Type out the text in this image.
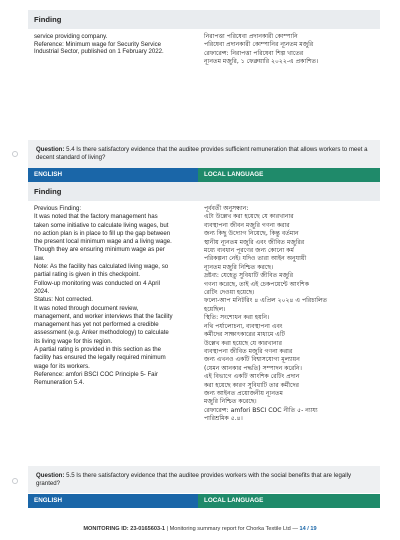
Finding
service providing company.
Reference: Minimum wage for Security Service
Industrial Sector, published on 1 February 2022.
নিরাপত্তা পরিষেবা প্রদানকারী কোম্পানি
পরিষেবা প্রদানকারী কোম্পানির ন্যূনতম মজুরি
রেফারেন্স: নিরাপত্তা পরিষেবা শিল্প খাতের
ন্যূনতম মজুরি, ১ ফেব্রুয়ারি ২০২২-এ প্রকাশিত।
Question: 5.4 Is there satisfactory evidence that the auditee provides sufficient remuneration that allows workers to meet a decent standard of living?
ENGLISH	LOCAL LANGUAGE
Finding
Previous Finding:
It was noted that the factory management has
taken some initiative to calculate living wages, but
no action plan is in place to fill up the gap between
the present local minimum wage and a living wage.
Though they are ensuring minimum wage as per
law.
Note: As the facility has calculated living wage, so
partial rating is given in this checkpoint.
Follow-up monitoring was conducted on 4 April
2024.
Status: Not corrected.
It was noted through document review,
management, and worker interviews that the facility
management has yet not performed a credible
assessment (e.g. Anker methodology) to calculate
its living wage for this region.
A partial rating is provided in this section as the
facility has ensured the legally required minimum
wage for its workers.
Reference: amfori BSCI COC Principle 5- Fair
Remuneration 5.4.
পূর্ববর্তী অনুসন্ধান:
এটা উল্লেখ করা হয়েছে যে কারখানার
ব্যবস্থাপনা জীবন মজুরি গণনা করার
জন্য কিছু উদ্যোগ নিয়েছে, কিন্তু বর্তমান
স্থানীয় ন্যূনতম মজুরি এবং জীবিত মজুরির
মধ্যে ব্যবধান পূরণের জন্য কোনো কর্ম
পরিকল্পনা নেই। যদিও তারা আইন অনুযায়ী
ন্যূনতম মজুরি নিশ্চিত করছে।
দ্রষ্টব্য: যেহেতু সুবিধাটি জীবিত মজুরি
গণনা করেছে, তাই এই চেকপয়েন্টে আংশিক
রেটিং দেওয়া হয়েছে।
ফলো-আপ মনিটরিং ৪ এপ্রিল ২০২৪ এ পরিচালিত
হয়েছিল।
স্থিতি: সংশোধন করা হয়নি।
নথি পর্যালোচনা, ব্যবস্থাপনা এবং
কর্মীদের সাক্ষাৎকারের মাধ্যমে এটি
উল্লেখ করা হয়েছে যে কারখানার
ব্যবস্থাপনা জীবিত মজুরি গণনা করার
জন্য এখনও একটি বিশ্বাসযোগ্য মূল্যায়ন
(যেমন আনকার পদ্ধতি) সম্পাদন করেনি।
এই বিভাগে একটি আংশিক রেটিং প্রদান
করা হয়েছে কারণ সুবিধাটি তার কর্মীদের
জন্য আইনত প্রয়োজনীয় ন্যূনতম
মজুরি নিশ্চিত করেছে।
রেফারেন্স: amfori BSCI COC নীতি ৫- ন্যায্য
পারিশ্রমিক ৫.৪।
Question: 5.5 Is there satisfactory evidence that the auditee provides workers with the social benefits that are legally granted?
ENGLISH	LOCAL LANGUAGE
MONITORING ID: 23-0165603-1 | Monitoring summary report for Chorka Textile Ltd — 14 / 19
